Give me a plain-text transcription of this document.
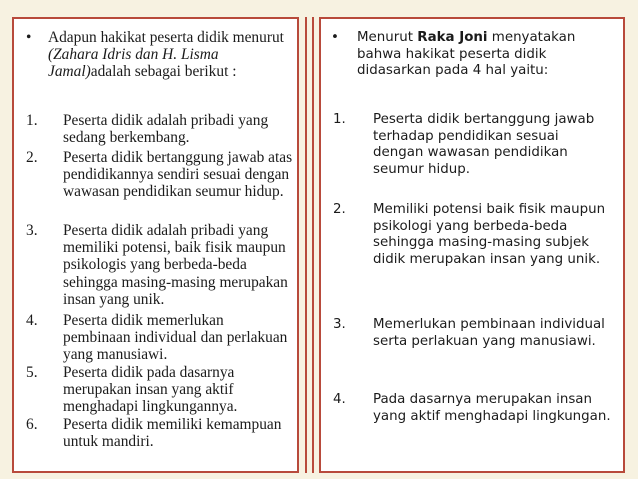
• Adapun hakikat peserta didik menurut (Zahara Idris dan H. Lisma Jamal)adalah sebagai berikut :
1. Peserta didik adalah pribadi yang sedang berkembang.
2. Peserta didik bertanggung jawab atas pendidikannya sendiri sesuai dengan wawasan pendidikan seumur hidup.
3. Peserta didik adalah pribadi yang memiliki potensi, baik fisik maupun psikologis yang berbeda-beda sehingga masing-masing merupakan insan yang unik.
4. Peserta didik memerlukan pembinaan individual dan perlakuan yang manusiawi.
5. Peserta didik pada dasarnya merupakan insan yang aktif menghadapi lingkungannya.
6. Peserta didik memiliki kemampuan untuk mandiri.
• Menurut Raka Joni menyatakan bahwa hakikat peserta didik didasarkan pada 4 hal yaitu:
1. Peserta didik bertanggung jawab terhadap pendidikan sesuai dengan wawasan pendidikan seumur hidup.
2. Memiliki potensi baik fisik maupun psikologi yang berbeda-beda sehingga masing-masing subjek didik merupakan insan yang unik.
3. Memerlukan pembinaan individual serta perlakuan yang manusiawi.
4. Pada dasarnya merupakan insan yang aktif menghadapi lingkungan.
